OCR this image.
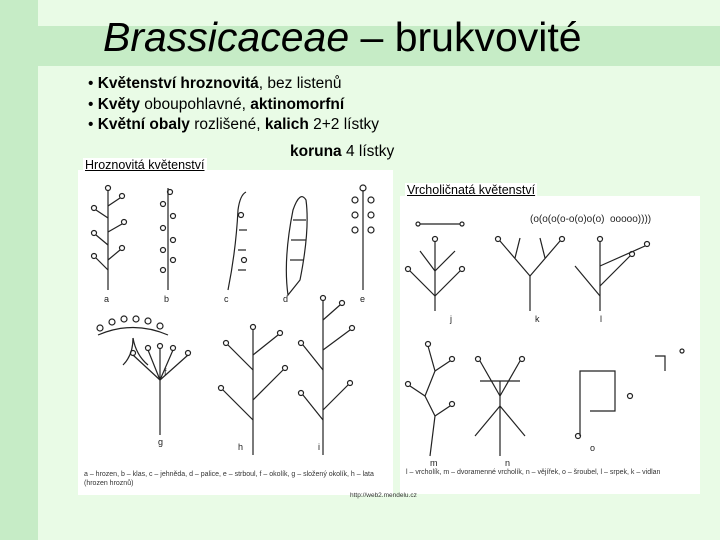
Brassicaceae – brukvovité
• Květenství hroznovitá, bez listenů
• Květy oboupohlavné, aktinomorfní
• Květní obaly rozlišené, kalich 2+2 lístky
koruna 4 lístky
a	b	c	d	e
f
g	h	i
a – hrozen, b – klas, c – jehněda, d – palice, e – strboul, f – okolík, g – složený okolík, h – lata (hrozen hroznů)
(o(o(o(o-o(o)o(o) ooooo))))
j	k	l
m	n
o
l – vrcholík, m – dvoramenné vrcholík, n – vějířek, o – šroubel, l – srpek, k – vidlan
Hroznovitá květenství
Vrcholičnatá květenství
http://web2.mendelu.cz
